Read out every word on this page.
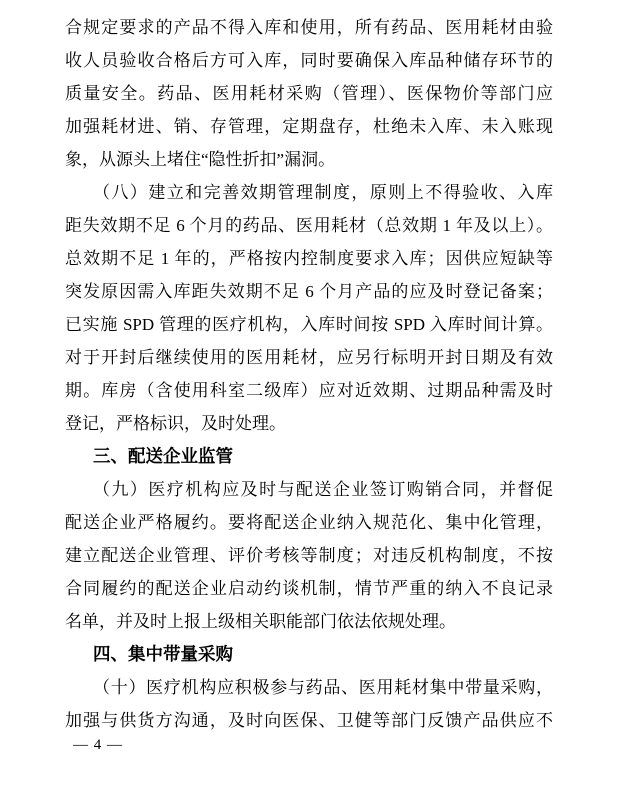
合规定要求的产品不得入库和使用，所有药品、医用耗材由验
收人员验收合格后方可入库，同时要确保入库品种储存环节的
质量安全。药品、医用耗材采购（管理）、医保物价等部门应
加强耗材进、销、存管理，定期盘存，杜绝未入库、未入账现
象，从源头上堵住“隐性折扣”漏洞。
（八）建立和完善效期管理制度，原则上不得验收、入库
距失效期不足 6 个月的药品、医用耗材（总效期 1 年及以上）。
总效期不足 1 年的，严格按内控制度要求入库；因供应短缺等
突发原因需入库距失效期不足 6 个月产品的应及时登记备案；
已实施 SPD 管理的医疗机构，入库时间按 SPD 入库时间计算。
对于开封后继续使用的医用耗材，应另行标明开封日期及有效
期。库房（含使用科室二级库）应对近效期、过期品种需及时
登记，严格标识，及时处理。
三、配送企业监管
（九）医疗机构应及时与配送企业签订购销合同，并督促
配送企业严格履约。要将配送企业纳入规范化、集中化管理，
建立配送企业管理、评价考核等制度；对违反机构制度，不按
合同履约的配送企业启动约谈机制，情节严重的纳入不良记录
名单，并及时上报上级相关职能部门依法依规处理。
四、集中带量采购
（十）医疗机构应积极参与药品、医用耗材集中带量采购，
加强与供货方沟通，及时向医保、卫健等部门反馈产品供应不
— 4 —
